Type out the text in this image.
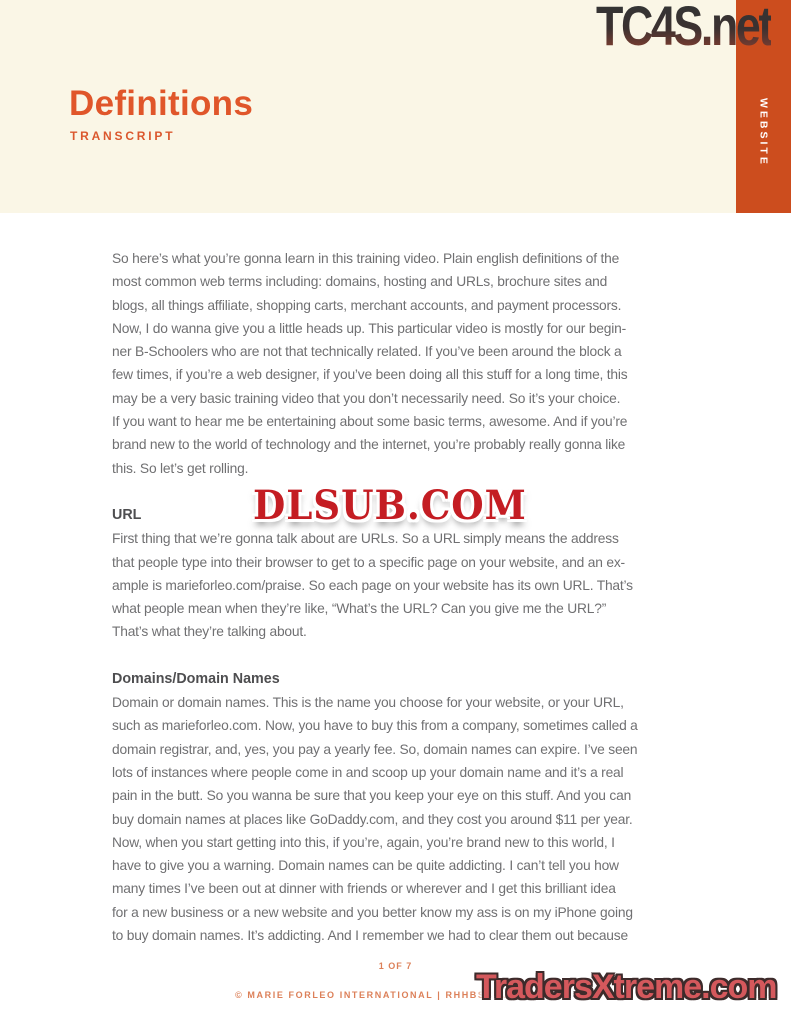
Definitions
TRANSCRIPT	WEBSITE
TC4S.net
So here’s what you’re gonna learn in this training video. Plain english definitions of the
most common web terms including: domains, hosting and URLs, brochure sites and
blogs, all things affiliate, shopping carts, merchant accounts, and payment processors.
Now, I do wanna give you a little heads up. This particular video is mostly for our begin-
ner B-Schoolers who are not that technically related. If you’ve been around the block a
few times, if you’re a web designer, if you’ve been doing all this stuff for a long time, this
may be a very basic training video that you don’t necessarily need. So it’s your choice.
If you want to hear me be entertaining about some basic terms, awesome. And if you’re
brand new to the world of technology and the internet, you’re probably really gonna like
this. So let’s get rolling.
URL
First thing that we’re gonna talk about are URLs. So a URL simply means the address
that people type into their browser to get to a specific page on your website, and an ex-
ample is marieforleo.com/praise. So each page on your website has its own URL. That’s
what people mean when they’re like, “What’s the URL? Can you give me the URL?”
That’s what they’re talking about.
Domains/Domain Names
Domain or domain names. This is the name you choose for your website, or your URL,
such as marieforleo.com. Now, you have to buy this from a company, sometimes called a
domain registrar, and, yes, you pay a yearly fee. So, domain names can expire. I’ve seen
lots of instances where people come in and scoop up your domain name and it’s a real
pain in the butt. So you wanna be sure that you keep your eye on this stuff. And you can
buy domain names at places like GoDaddy.com, and they cost you around $11 per year.
Now, when you start getting into this, if you’re, again, you’re brand new to this world, I
have to give you a warning. Domain names can be quite addicting. I can’t tell you how
many times I’ve been out at dinner with friends or wherever and I get this brilliant idea
for a new business or a new website and you better know my ass is on my iPhone going
to buy domain names. It’s addicting. And I remember we had to clear them out because
DLSUB.COM
1 OF 7
© MARIE FORLEO INTERNATIONAL | RHHBSCHOOL.COM
TradersXtreme.com
